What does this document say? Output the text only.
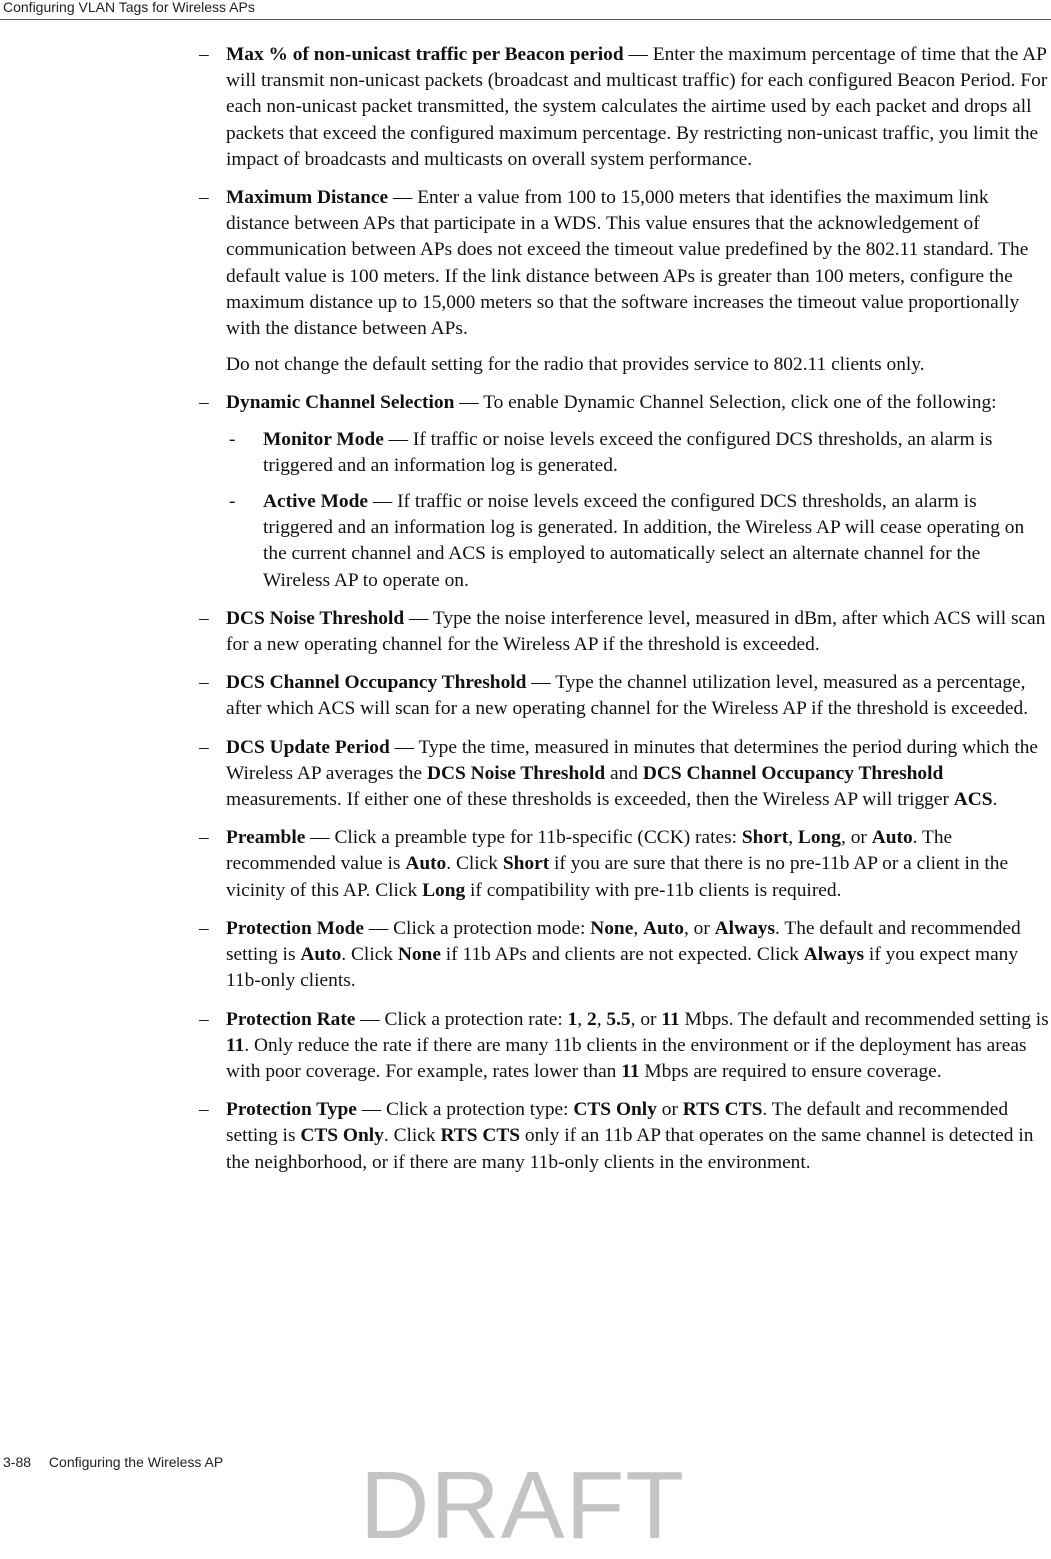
Configuring VLAN Tags for Wireless APs
– Max % of non-unicast traffic per Beacon period — Enter the maximum percentage of time that the AP will transmit non-unicast packets (broadcast and multicast traffic) for each configured Beacon Period. For each non-unicast packet transmitted, the system calculates the airtime used by each packet and drops all packets that exceed the configured maximum percentage. By restricting non-unicast traffic, you limit the impact of broadcasts and multicasts on overall system performance.

– Maximum Distance — Enter a value from 100 to 15,000 meters that identifies the maximum link distance between APs that participate in a WDS. This value ensures that the acknowledgement of communication between APs does not exceed the timeout value predefined by the 802.11 standard. The default value is 100 meters. If the link distance between APs is greater than 100 meters, configure the maximum distance up to 15,000 meters so that the software increases the timeout value proportionally with the distance between APs.

Do not change the default setting for the radio that provides service to 802.11 clients only.

– Dynamic Channel Selection — To enable Dynamic Channel Selection, click one of the following:

- Monitor Mode — If traffic or noise levels exceed the configured DCS thresholds, an alarm is triggered and an information log is generated.

- Active Mode — If traffic or noise levels exceed the configured DCS thresholds, an alarm is triggered and an information log is generated. In addition, the Wireless AP will cease operating on the current channel and ACS is employed to automatically select an alternate channel for the Wireless AP to operate on.

– DCS Noise Threshold — Type the noise interference level, measured in dBm, after which ACS will scan for a new operating channel for the Wireless AP if the threshold is exceeded.

– DCS Channel Occupancy Threshold — Type the channel utilization level, measured as a percentage, after which ACS will scan for a new operating channel for the Wireless AP if the threshold is exceeded.

– DCS Update Period — Type the time, measured in minutes that determines the period during which the Wireless AP averages the DCS Noise Threshold and DCS Channel Occupancy Threshold measurements. If either one of these thresholds is exceeded, then the Wireless AP will trigger ACS.

– Preamble — Click a preamble type for 11b-specific (CCK) rates: Short, Long, or Auto. The recommended value is Auto. Click Short if you are sure that there is no pre-11b AP or a client in the vicinity of this AP. Click Long if compatibility with pre-11b clients is required.

– Protection Mode — Click a protection mode: None, Auto, or Always. The default and recommended setting is Auto. Click None if 11b APs and clients are not expected. Click Always if you expect many 11b-only clients.

– Protection Rate — Click a protection rate: 1, 2, 5.5, or 11 Mbps. The default and recommended setting is 11. Only reduce the rate if there are many 11b clients in the environment or if the deployment has areas with poor coverage. For example, rates lower than 11 Mbps are required to ensure coverage.

– Protection Type — Click a protection type: CTS Only or RTS CTS. The default and recommended setting is CTS Only. Click RTS CTS only if an 11b AP that operates on the same channel is detected in the neighborhood, or if there are many 11b-only clients in the environment.

3-88 Configuring the Wireless AP DRAFT
